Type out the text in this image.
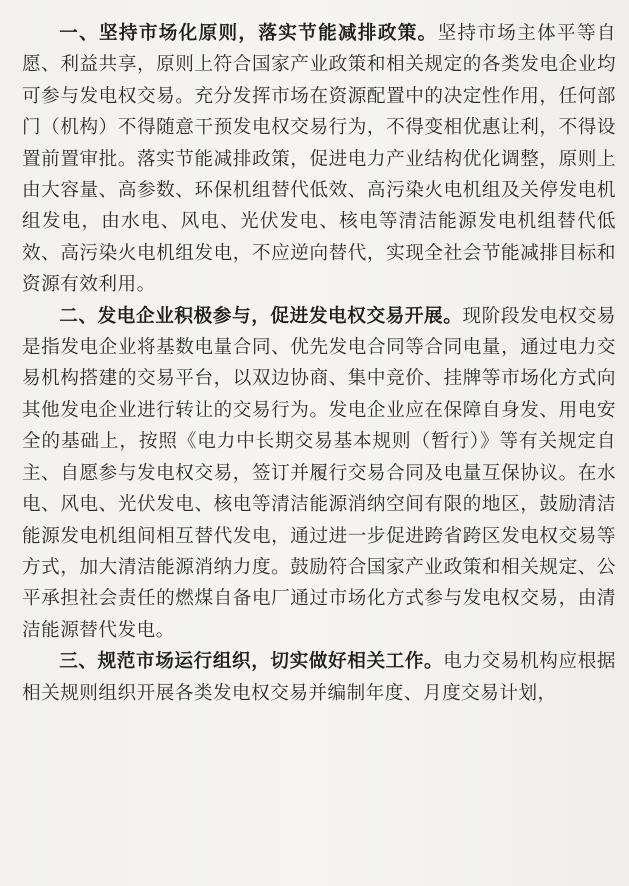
一、坚持市场化原则，落实节能减排政策。坚持市场主体平等自愿、利益共享，原则上符合国家产业政策和相关规定的各类发电企业均可参与发电权交易。充分发挥市场在资源配置中的决定性作用，任何部门（机构）不得随意干预发电权交易行为，不得变相优惠让利，不得设置前置审批。落实节能减排政策，促进电力产业结构优化调整，原则上由大容量、高参数、环保机组替代低效、高污染火电机组及关停发电机组发电，由水电、风电、光伏发电、核电等清洁能源发电机组替代低效、高污染火电机组发电，不应逆向替代，实现全社会节能减排目标和资源有效利用。

二、发电企业积极参与，促进发电权交易开展。现阶段发电权交易是指发电企业将基数电量合同、优先发电合同等合同电量，通过电力交易机构搭建的交易平台，以双边协商、集中竞价、挂牌等市场化方式向其他发电企业进行转让的交易行为。发电企业应在保障自身发、用电安全的基础上，按照《电力中长期交易基本规则（暂行）》等有关规定自主、自愿参与发电权交易，签订并履行交易合同及电量互保协议。在水电、风电、光伏发电、核电等清洁能源消纳空间有限的地区，鼓励清洁能源发电机组间相互替代发电，通过进一步促进跨省跨区发电权交易等方式，加大清洁能源消纳力度。鼓励符合国家产业政策和相关规定、公平承担社会责任的燃煤自备电厂通过市场化方式参与发电权交易，由清洁能源替代发电。

三、规范市场运行组织，切实做好相关工作。电力交易机构应根据相关规则组织开展各类发电权交易并编制年度、月度交易计划，
